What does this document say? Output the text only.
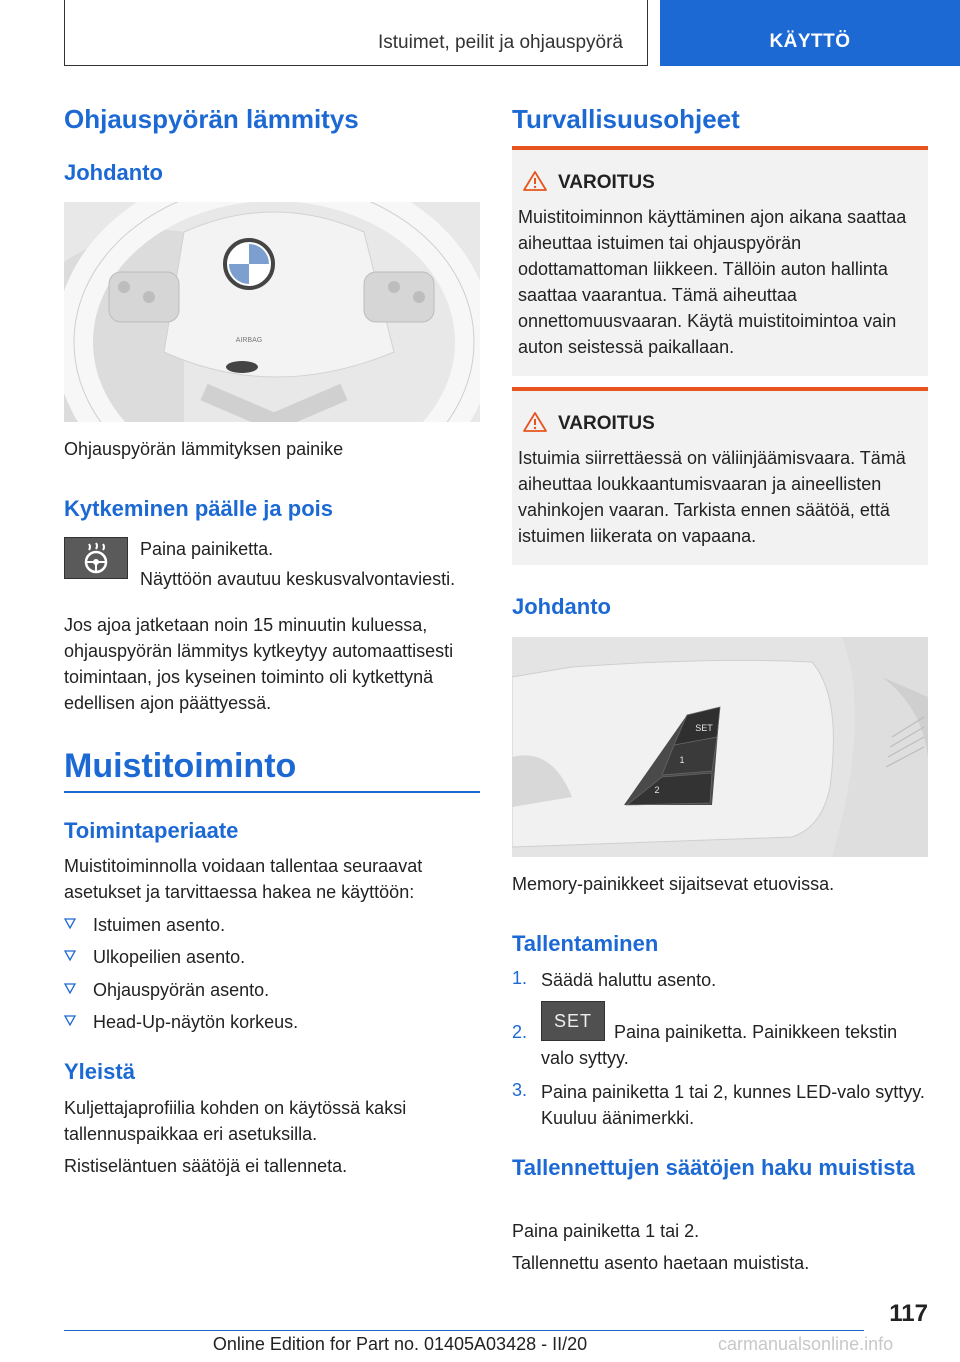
Istuimet, peilit ja ohjauspyörä	KÄYTTÖ
Ohjauspyörän lämmitys
Johdanto
AIRBAG
Ohjauspyörän lämmityksen painike
Kytkeminen päälle ja pois
Paina painiketta.
Näyttöön avautuu keskusvalvontaviesti.
Jos ajoa jatketaan noin 15 minuutin kuluessa, ohjauspyörän lämmitys kytkeytyy automaattisesti toimintaan, jos kyseinen toiminto oli kytkettynä edellisen ajon päättyessä.
Muistitoiminto
Toimintaperiaate
Muistitoiminnolla voidaan tallentaa seuraavat asetukset ja tarvittaessa hakea ne käyttöön:
Istuimen asento.
Ulkopeilien asento.
Ohjauspyörän asento.
Head-Up-näytön korkeus.
Yleistä
Kuljettajaprofiilia kohden on käytössä kaksi tallennuspaikkaa eri asetuksilla.
Ristiseläntuen säätöjä ei tallenneta.
Turvallisuusohjeet
VAROITUS
Muistitoiminnon käyttäminen ajon aikana saattaa aiheuttaa istuimen tai ohjauspyörän odottamattoman liikkeen. Tällöin auton hallinta saattaa vaarantua. Tämä aiheuttaa onnettomuusvaaran. Käytä muistitoimintoa vain auton seistessä paikallaan.
VAROITUS
Istuimia siirrettäessä on väliinjäämisvaara. Tämä aiheuttaa loukkaantumisvaaran ja aineellisten vahinkojen vaaran. Tarkista ennen säätöä, että istuimen liikerata on vapaana.
Johdanto
SET
1
2
Memory-painikkeet sijaitsevat etuovissa.
Tallentaminen
1. Säädä haluttu asento.
2.
SET
Paina painiketta. Painikkeen tekstin valo syttyy.
3. Paina painiketta 1 tai 2, kunnes LED-valo syttyy. Kuuluu äänimerkki.
Tallennettujen säätöjen haku muistista
Paina painiketta 1 tai 2.
Tallennettu asento haetaan muistista.
117
Online Edition for Part no. 01405A03428 - II/20	carmanualsonline.info
